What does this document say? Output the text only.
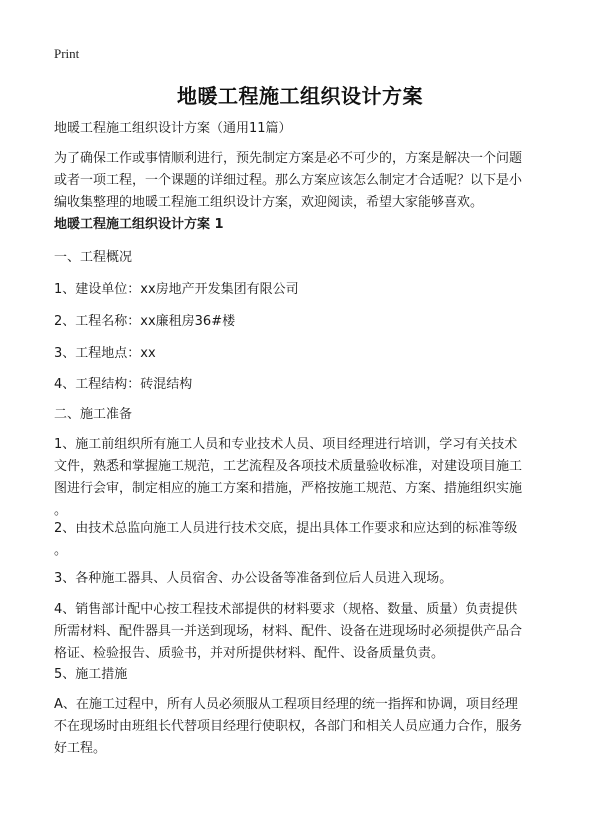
Print
地暖工程施工组织设计方案
地暖工程施工组织设计方案（通用11篇）
为了确保工作或事情顺利进行，预先制定方案是必不可少的，方案是解决一个问题
或者一项工程，一个课题的详细过程。那么方案应该怎么制定才合适呢？以下是小
编收集整理的地暖工程施工组织设计方案，欢迎阅读，希望大家能够喜欢。
地暖工程施工组织设计方案 1
一、工程概况
1、建设单位：xx房地产开发集团有限公司
2、工程名称：xx廉租房36#楼
3、工程地点：xx
4、工程结构：砖混结构
二、施工准备
1、施工前组织所有施工人员和专业技术人员、项目经理进行培训，学习有关技术
文件，熟悉和掌握施工规范，工艺流程及各项技术质量验收标准，对建设项目施工
图进行会审，制定相应的施工方案和措施，严格按施工规范、方案、措施组织实施
。
2、由技术总监向施工人员进行技术交底，提出具体工作要求和应达到的标准等级
。
3、各种施工器具、人员宿舍、办公设备等准备到位后人员进入现场。
4、销售部计配中心按工程技术部提供的材料要求（规格、数量、质量）负责提供
所需材料、配件器具一并送到现场，材料、配件、设备在进现场时必须提供产品合
格证、检验报告、质验书，并对所提供材料、配件、设备质量负责。
5、施工措施
A、在施工过程中，所有人员必须服从工程项目经理的统一指挥和协调，项目经理
不在现场时由班组长代替项目经理行使职权，各部门和相关人员应通力合作，服务
好工程。
